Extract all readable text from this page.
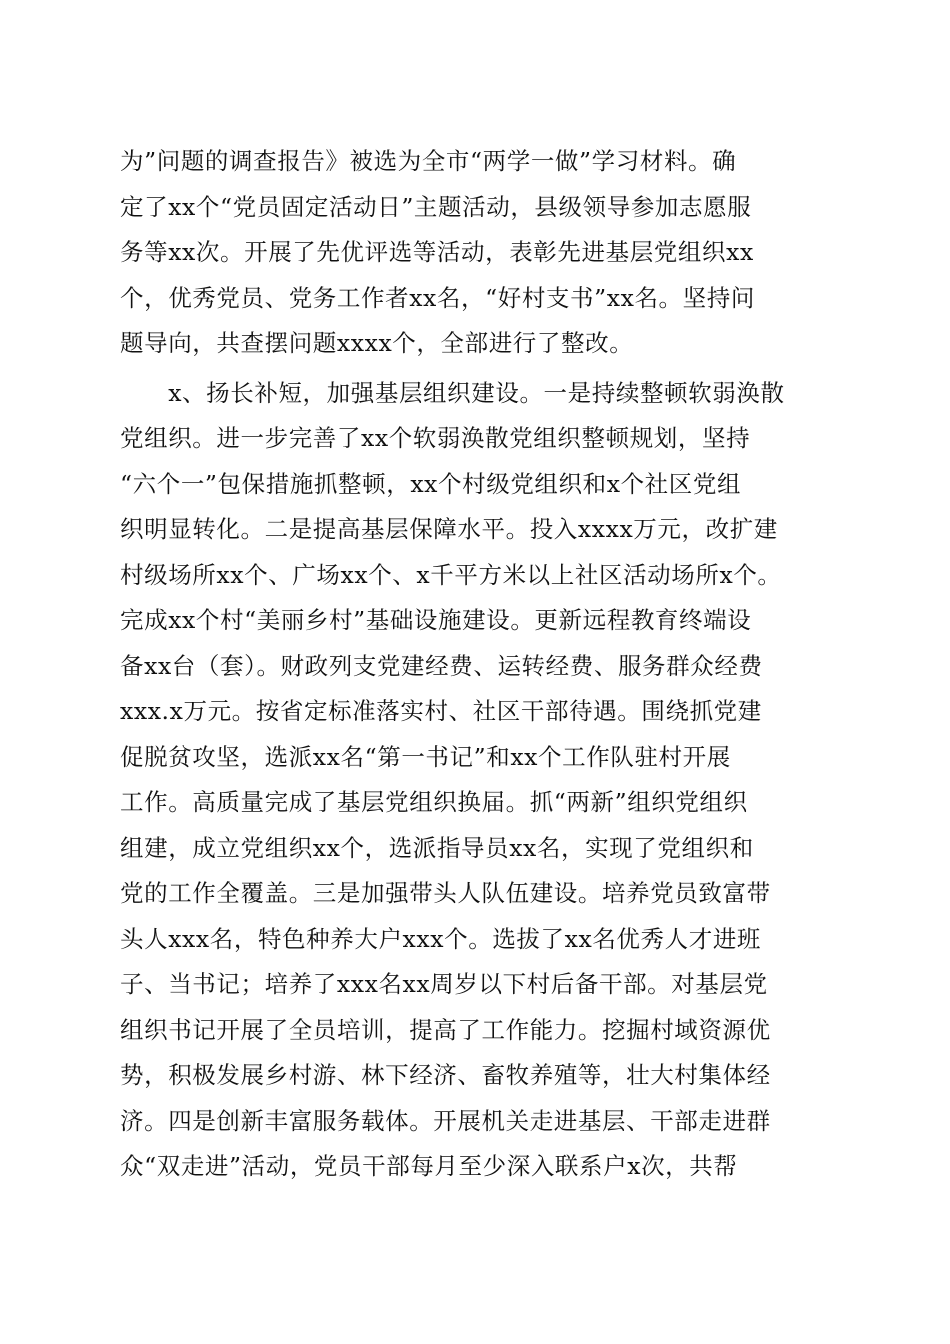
为”问题的调查报告》被选为全市“两学一做”学习材料。确
定了xx个“党员固定活动日”主题活动，县级领导参加志愿服
务等xx次。开展了先优评选等活动，表彰先进基层党组织xx
个，优秀党员、党务工作者xx名，“好村支书”xx名。坚持问
题导向，共查摆问题xxxx个，全部进行了整改。
　　x、扬长补短，加强基层组织建设。一是持续整顿软弱涣散
党组织。进一步完善了xx个软弱涣散党组织整顿规划，坚持
“六个一”包保措施抓整顿，xx个村级党组织和x个社区党组
织明显转化。二是提高基层保障水平。投入xxxx万元，改扩建
村级场所xx个、广场xx个、x千平方米以上社区活动场所x个。
完成xx个村“美丽乡村”基础设施建设。更新远程教育终端设
备xx台（套）。财政列支党建经费、运转经费、服务群众经费
xxx.x万元。按省定标准落实村、社区干部待遇。围绕抓党建
促脱贫攻坚，选派xx名“第一书记”和xx个工作队驻村开展
工作。高质量完成了基层党组织换届。抓“两新”组织党组织
组建，成立党组织xx个，选派指导员xx名，实现了党组织和
党的工作全覆盖。三是加强带头人队伍建设。培养党员致富带
头人xxx名，特色种养大户xxx个。选拔了xx名优秀人才进班
子、当书记；培养了xxx名xx周岁以下村后备干部。对基层党
组织书记开展了全员培训，提高了工作能力。挖掘村域资源优
势，积极发展乡村游、林下经济、畜牧养殖等，壮大村集体经
济。四是创新丰富服务载体。开展机关走进基层、干部走进群
众“双走进”活动，党员干部每月至少深入联系户x次，共帮
